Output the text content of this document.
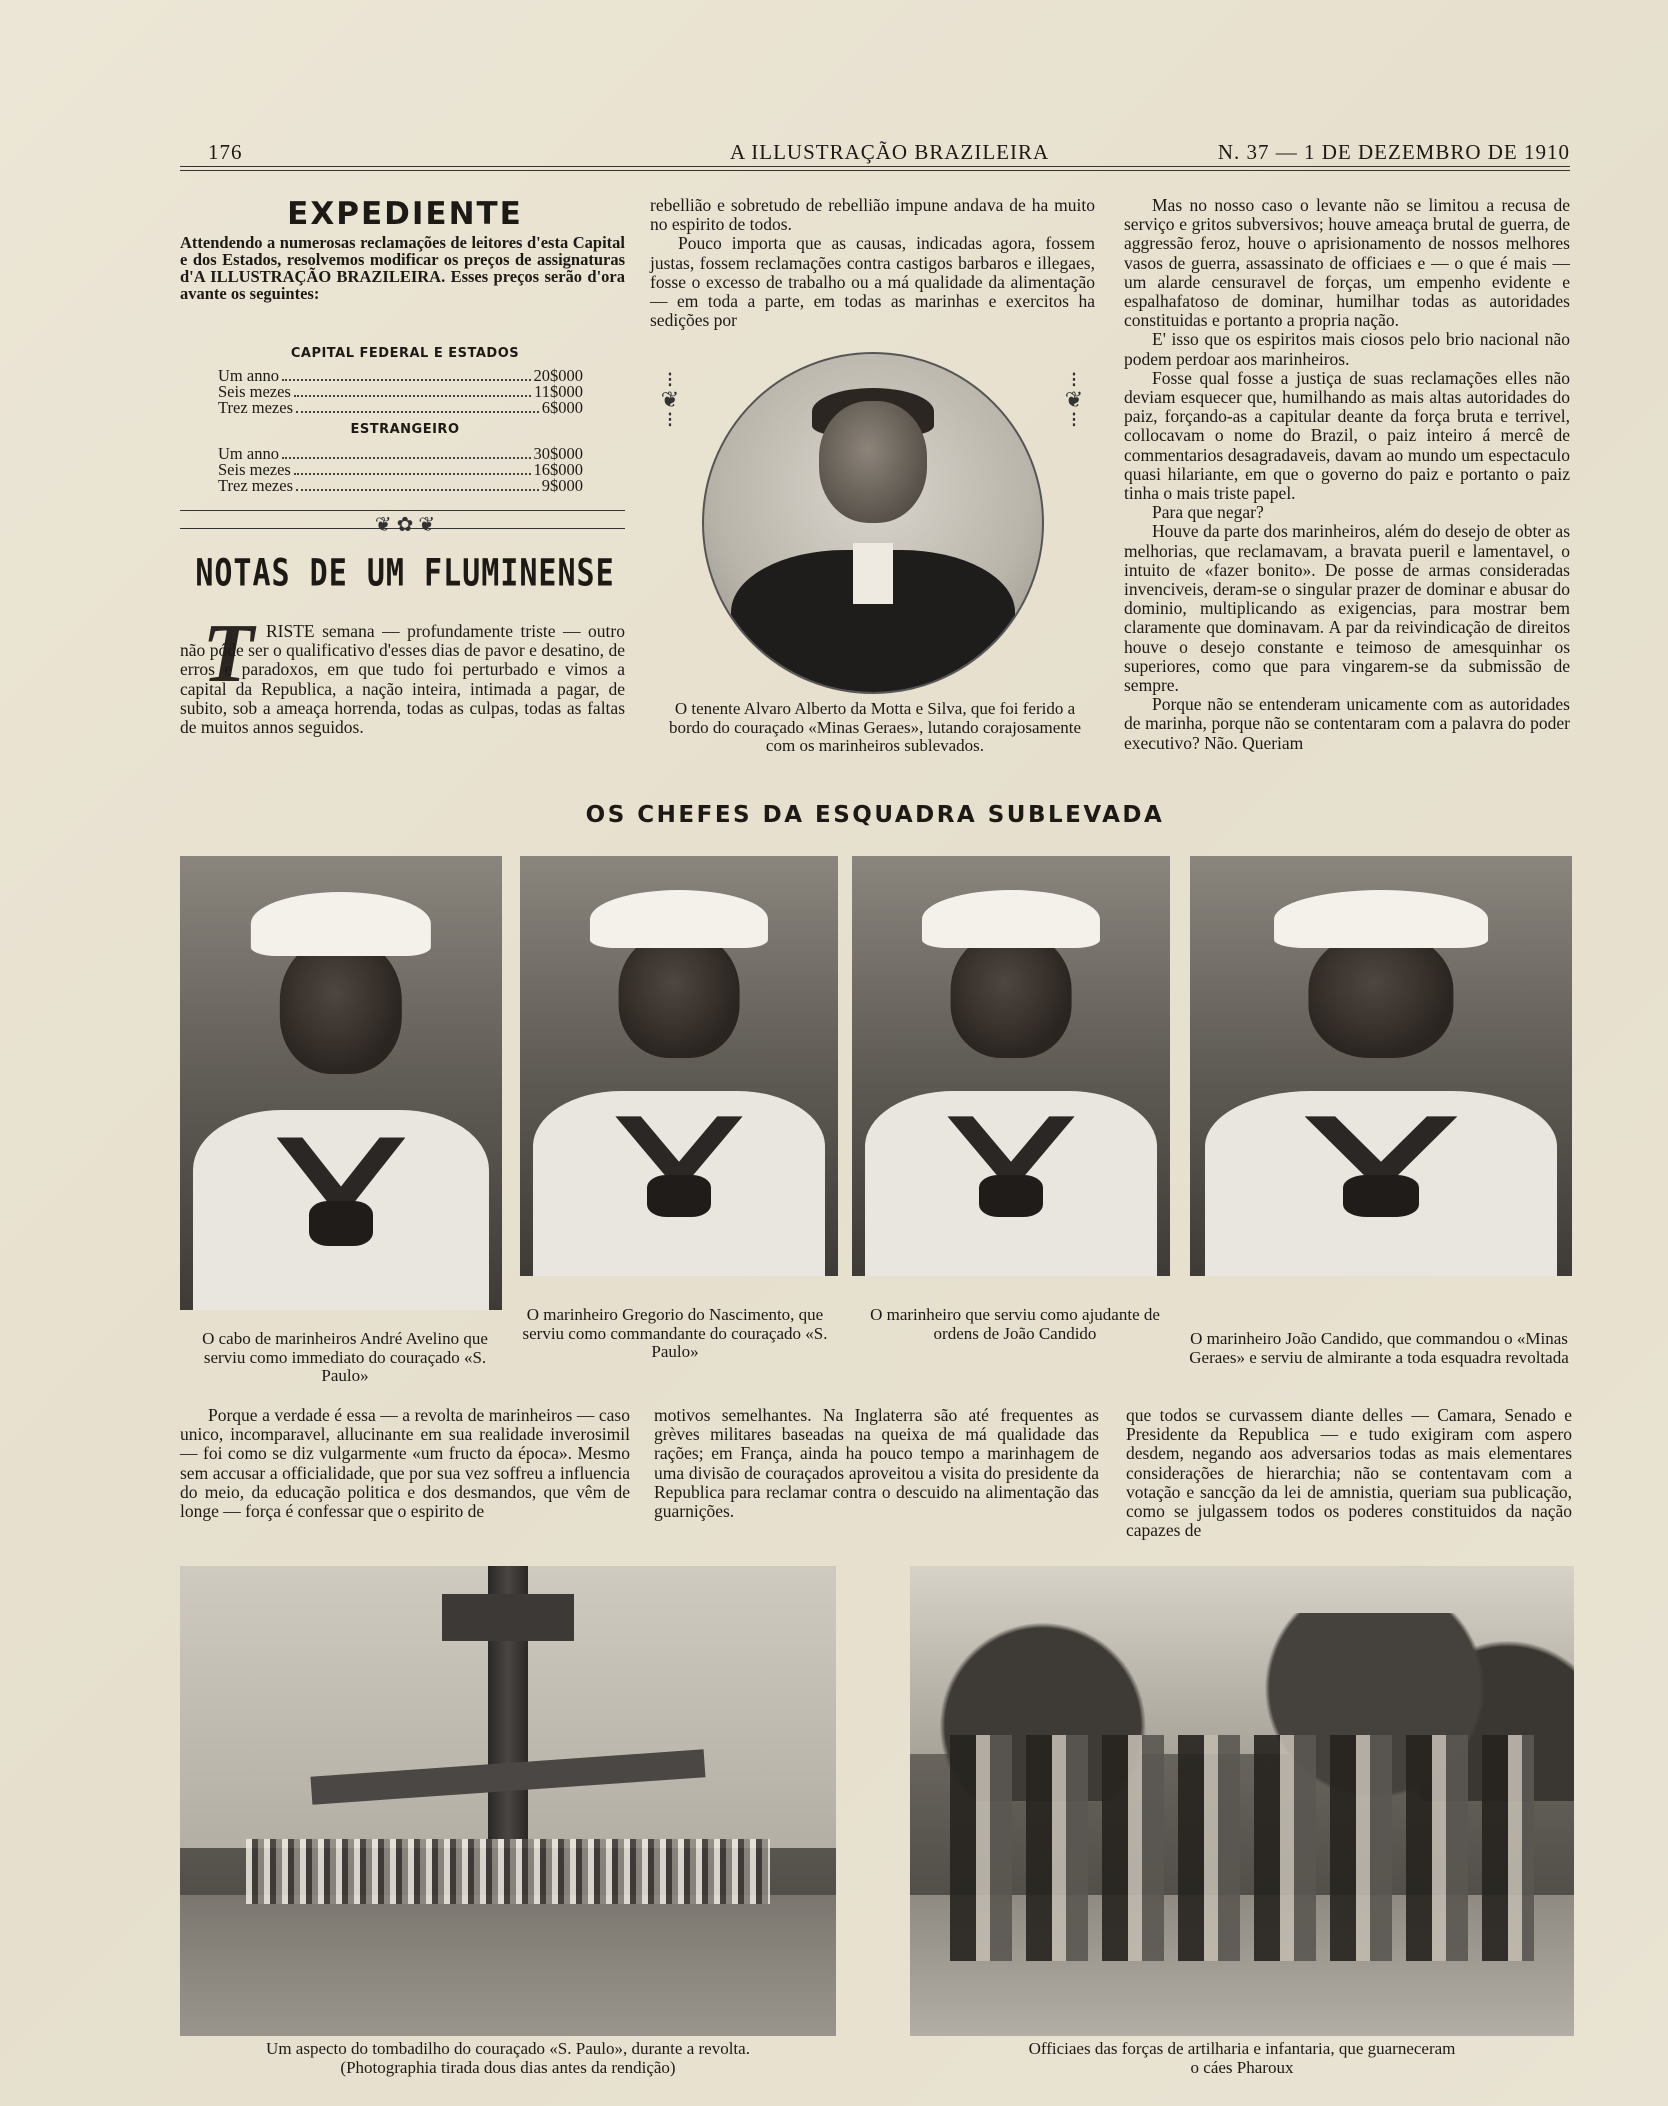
176	A ILLUSTRAÇÃO BRAZILEIRA	N. 37 — 1 DE DEZEMBRO DE 1910
EXPEDIENTE
Attendendo a numerosas reclamações de leitores d'esta Capital e dos Estados, resolvemos modificar os preços de assignaturas d'A ILLUSTRAÇÃO BRAZILEIRA. Esses preços serão d'ora avante os seguintes:
CAPITAL FEDERAL E ESTADOS
Um anno	20$000
Seis mezes	11$000
Trez mezes	6$000
ESTRANGEIRO
Um anno	30$000
Seis mezes	16$000
Trez mezes	9$000
❦ ✿ ❦
NOTAS DE UM FLUMINENSE
T RISTE semana — profundamente triste — outro não póde ser o qualificativo d'esses dias de pavor e desatino, de erros e paradoxos, em que tudo foi perturbado e vimos a capital da Republica, a nação inteira, intimada a pagar, de subito, sob a ameaça horrenda, todas as culpas, todas as faltas de muitos annos seguidos.

rebellião e sobretudo de rebellião impune andava de ha muito no espirito de todos.

Pouco importa que as causas, indicadas agora, fossem justas, fossem reclamações contra castigos barbaros e illegaes, fosse o excesso de trabalho ou a má qualidade da alimentação — em toda a parte, em todas as marinhas e exercitos ha sedições por

⁝
❦
⁝
⁝
❦
⁝
O tenente Alvaro Alberto da Motta e Silva, que foi ferido a bordo do couraçado «Minas Geraes», lutando corajosamente com os marinheiros sublevados.

Mas no nosso caso o levante não se limitou a recusa de serviço e gritos subversivos; houve ameaça brutal de guerra, de aggressão feroz, houve o aprisionamento de nossos melhores vasos de guerra, assassinato de officiaes e — o que é mais — um alarde censuravel de forças, um empenho evidente e espalhafatoso de dominar, humilhar todas as autoridades constituidas e portanto a propria nação.

E' isso que os espiritos mais ciosos pelo brio nacional não podem perdoar aos marinheiros.

Fosse qual fosse a justiça de suas reclamações elles não deviam esquecer que, humilhando as mais altas autoridades do paiz, forçando-as a capitular deante da força bruta e terrivel, collocavam o nome do Brazil, o paiz inteiro á mercê de commentarios desagradaveis, davam ao mundo um espectaculo quasi hilariante, em que o governo do paiz e portanto o paiz tinha o mais triste papel.

Para que negar?

Houve da parte dos marinheiros, além do desejo de obter as melhorias, que reclamavam, a bravata pueril e lamentavel, o intuito de «fazer bonito». De posse de armas consideradas invenciveis, deram-se o singular prazer de dominar e abusar do dominio, multiplicando as exigencias, para mostrar bem claramente que dominavam. A par da reivindicação de direitos houve o desejo constante e teimoso de amesquinhar os superiores, como que para vingarem-se da submissão de sempre.

Porque não se entenderam unicamente com as autoridades de marinha, porque não se contentaram com a palavra do poder executivo? Não. Queriam

OS CHEFES DA ESQUADRA SUBLEVADA
O cabo de marinheiros André Avelino que serviu como immediato do couraçado «S. Paulo»
O marinheiro Gregorio do Nascimento, que serviu como commandante do couraçado «S. Paulo»
O marinheiro que serviu como ajudante de ordens de João Candido	O marinheiro João Candido, que commandou o «Minas Geraes» e serviu de almirante a toda esquadra revoltada

Porque a verdade é essa — a revolta de marinheiros — caso unico, incomparavel, allucinante em sua realidade inverosimil — foi como se diz vulgarmente «um fructo da época». Mesmo sem accusar a officialidade, que por sua vez soffreu a influencia do meio, da educação politica e dos desmandos, que vêm de longe — força é confessar que o espirito de

motivos semelhantes. Na Inglaterra são até frequentes as grèves militares baseadas na queixa de má qualidade das rações; em França, ainda ha pouco tempo a marinhagem de uma divisão de couraçados aproveitou a visita do presidente da Republica para reclamar contra o descuido na alimentação das guarnições.

que todos se curvassem diante delles — Camara, Senado e Presidente da Republica — e tudo exigiram com aspero desdem, negando aos adversarios todas as mais elementares considerações de hierarchia; não se contentavam com a votação e sancção da lei de amnistia, queriam sua publicação, como se julgassem todos os poderes constituidos da nação capazes de

Um aspecto do tombadilho do couraçado «S. Paulo», durante a revolta.
(Photographia tirada dous dias antes da rendição)
Officiaes das forças de artilharia e infantaria, que guarneceram
o cáes Pharoux
